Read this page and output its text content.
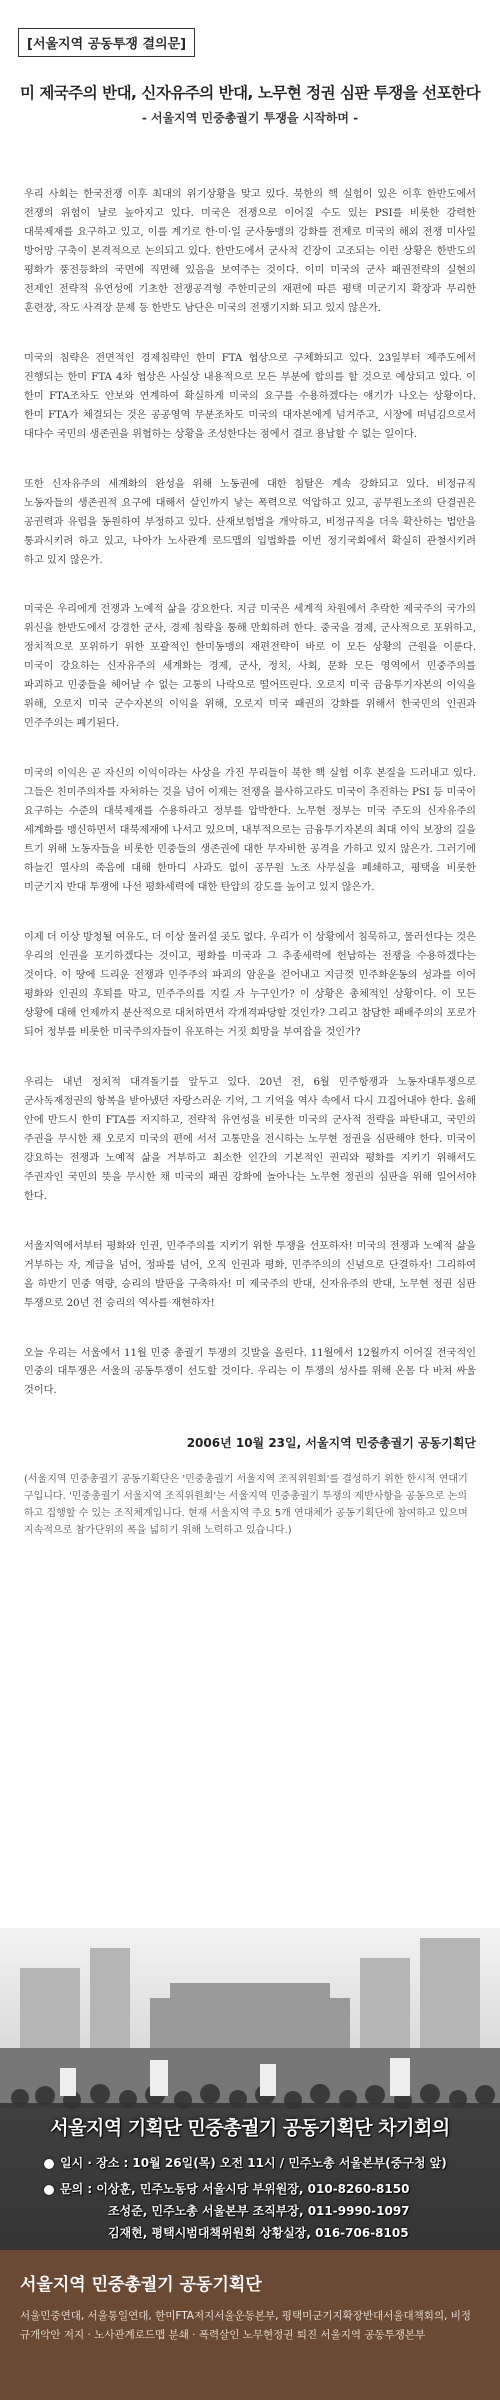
[서울지역 공동투쟁 결의문]
미 제국주의 반대, 신자유주의 반대, 노무현 정권 심판 투쟁을 선포한다
- 서울지역 민중총궐기 투쟁을 시작하며 -

우리 사회는 한국전쟁 이후 최대의 위기상황을 맞고 있다. 북한의 핵 실험이 있은 이후 한반도에서 전쟁의 위험이 날로 높아지고 있다. 미국은 전쟁으로 이어질 수도 있는 PSI를 비롯한 강력한 대북제재를 요구하고 있고, 이를 계기로 한·미·일 군사동맹의 강화를 전제로 미국의 해외 전쟁 미사일 방어망 구축이 본격적으로 논의되고 있다. 한반도에서 군사적 긴장이 고조되는 이런 상황은 한반도의 평화가 풍전등화의 국면에 직면해 있음을 보여주는 것이다. 이미 미국의 군사 패권전략의 실현의 전제인 전략적 유연성에 기초한 전쟁공격형 주한미군의 재편에 따른 평택 미군기지 확장과 무리한 훈련장, 작도 사격장 문제 등 한반도 남단은 미국의 전쟁기지화 되고 있지 않은가.

미국의 침략은 전면적인 경제침략인 한미 FTA 협상으로 구체화되고 있다. 23일부터 제주도에서 진행되는 한미 FTA 4차 협상은 사실상 내용적으로 모든 부분에 합의를 할 것으로 예상되고 있다. 이 한미 FTA조차도 안보와 연계하여 확실하게 미국의 요구를 수용하겠다는 얘기가 나오는 상황이다. 한미 FTA가 체결되는 것은 공공영역 무분조차도 미국의 대자본에게 넘겨주고, 시장에 떠넘김으로서 대다수 국민의 생존권을 위협하는 상황을 조성한다는 점에서 결코 용납할 수 없는 일이다.

또한 신자유주의 세계화의 완성을 위해 노동권에 대한 침탈은 계속 강화되고 있다. 비정규직 노동자들의 생존권적 요구에 대해서 살인까지 낳는 폭력으로 억압하고 있고, 공무원노조의 단결권은 공권력과 유럽을 동원하여 부정하고 있다. 산재보험법을 개악하고, 비정규직을 더욱 확산하는 법안을 통과시키려 하고 있고, 나아가 노사관계 로드맵의 입법화를 이번 정기국회에서 확실히 관철시키려 하고 있지 않은가.

미국은 우리에게 전쟁과 노예적 삶을 강요한다. 지금 미국은 세계적 차원에서 추락한 제국주의 국가의 위신을 한반도에서 강경한 군사, 경제 침략을 통해 만회하려 한다. 중국을 경제, 군사적으로 포위하고, 정치적으로 포위하기 위한 포괄적인 한미동맹의 재편전략이 바로 이 모든 상황의 근원을 이룬다. 미국이 강요하는 신자유주의 세계화는 경제, 군사, 정치, 사회, 문화 모든 영역에서 민중주의를 파괴하고 민중들을 헤어날 수 없는 고통의 나락으로 떨어뜨린다. 오로지 미국 금융투기자본의 이익을 위해, 오로지 미국 군수자본의 이익을 위해, 오로지 미국 패권의 강화를 위해서 한국민의 인권과 민주주의는 폐기된다.

미국의 이익은 곧 자신의 이익이라는 사상을 가진 무리들이 북한 핵 실험 이후 본질을 드러내고 있다. 그들은 친미주의자를 자처하는 것을 넘어 이제는 전쟁을 불사하고라도 미국이 추진하는 PSI 등 미국이 요구하는 수준의 대북제재를 수용하라고 정부를 압박한다. 노무현 정부는 미국 주도의 신자유주의 세계화를 맹신하면서 대북제재에 나서고 있으며, 내부적으로는 금융투기자본의 최대 이익 보장의 길을 트기 위해 노동자들을 비롯한 민중들의 생존권에 대한 무자비한 공격을 가하고 있지 않은가. 그러기에 하늘긴 열사의 죽음에 대해 한마디 사과도 없이 공무원 노조 사무실을 폐쇄하고, 평택을 비롯한 미군기지 반대 투쟁에 나선 평화세력에 대한 탄압의 강도를 높이고 있지 않은가.

이제 더 이상 방청될 여유도, 더 이상 물러설 곳도 없다. 우리가 이 상황에서 침묵하고, 물러선다는 것은 우리의 인권을 포기하겠다는 것이고, 평화를 미국과 그 추종세력에 헌납하는 전쟁을 수용하겠다는 것이다. 이 땅에 드리운 전쟁과 민주주의 파괴의 암운을 걷어내고 지금껏 민주화운동의 성과를 이어 평화와 인권의 후퇴를 막고, 민주주의를 지킬 자 누구인가? 이 상황은 총체적인 상황이다. 이 모든 상황에 대해 언제까지 분산적으로 대처하면서 각개격파당할 것인가? 그리고 참담한 패배주의의 포로가 되어 정부를 비롯한 미국주의자들이 유포하는 거짓 희망을 부여잡을 것인가?

우리는 내년 정치적 대격돌기를 앞두고 있다. 20년 전, 6월 민주항쟁과 노동자대투쟁으로 군사독재정권의 항복을 받아냈던 자랑스러운 기억, 그 기억을 역사 속에서 다시 끄집어내야 한다. 올해 안에 반드시 한미 FTA를 저지하고, 전략적 유연성을 비롯한 미국의 군사적 전략을 파탄내고, 국민의 주권을 무시한 채 오로지 미국의 편에 서서 고통만을 전시하는 노무현 정권을 심판해야 한다. 미국이 강요하는 전쟁과 노예적 삶을 거부하고 최소한 인간의 기본적인 권리와 평화를 지키기 위해서도 주권자인 국민의 뜻을 무시한 채 미국의 패권 강화에 놀아나는 노무현 정권의 심판을 위해 일어서야 한다.

서울지역에서부터 평화와 인권, 민주주의를 지키기 위한 투쟁을 선포하자! 미국의 전쟁과 노예적 삶을 거부하는 자, 계급을 넘어, 정파를 넘어, 오직 인권과 평화, 민주주의의 신념으로 단결하자! 그리하여 올 하반기 민중 역량, 승리의 발판을 구축하자! 미 제국주의 반대, 신자유주의 반대, 노무현 정권 심판 투쟁으로 20년 전 승리의 역사를 재현하자!

오늘 우리는 서울에서 11월 민중 총궐기 투쟁의 깃발을 올린다. 11월에서 12월까지 이어질 전국적인 민중의 대투쟁은 서울의 공동투쟁이 선도할 것이다. 우리는 이 투쟁의 성사를 위해 온몸 다 바쳐 싸울 것이다.

2006년 10월 23일, 서울지역 민중총궐기 공동기획단
(서울지역 민중총궐기 공동기획단은 '민중총궐기 서울지역 조직위원회'를 결성하기 위한 한시적 연대기구입니다. '민중총궐기 서울지역 조직위원회'는 서울지역 민중총궐기 투쟁의 제반사항을 공동으로 논의하고 집행할 수 있는 조직체계입니다. 현재 서울지역 주요 5개 연대체가 공동기획단에 참여하고 있으며 지속적으로 참가단위의 폭을 넓히기 위해 노력하고 있습니다.)
서울지역 기획단 민중총궐기 공동기획단 차기회의
일시 · 장소 : 10월 26일(목) 오전 11시 / 민주노총 서울본부(중구청 앞)
문의 : 이상훈, 민주노동당 서울시당 부위원장, 010-8260-8150
조성준, 민주노총 서울본부 조직부장, 011-9990-1097
김재현, 평택시범대책위원회 상황실장, 016-706-8105
서울지역 민중총궐기 공동기획단
서울민중연대, 서울통일연대, 한미FTA저지서울운동본부, 평택미군기지확장반대서울대책회의, 비정규개악안 저지 · 노사관계로드맵 분쇄 · 폭력살인 노무현정권 퇴진 서울지역 공동투쟁본부
